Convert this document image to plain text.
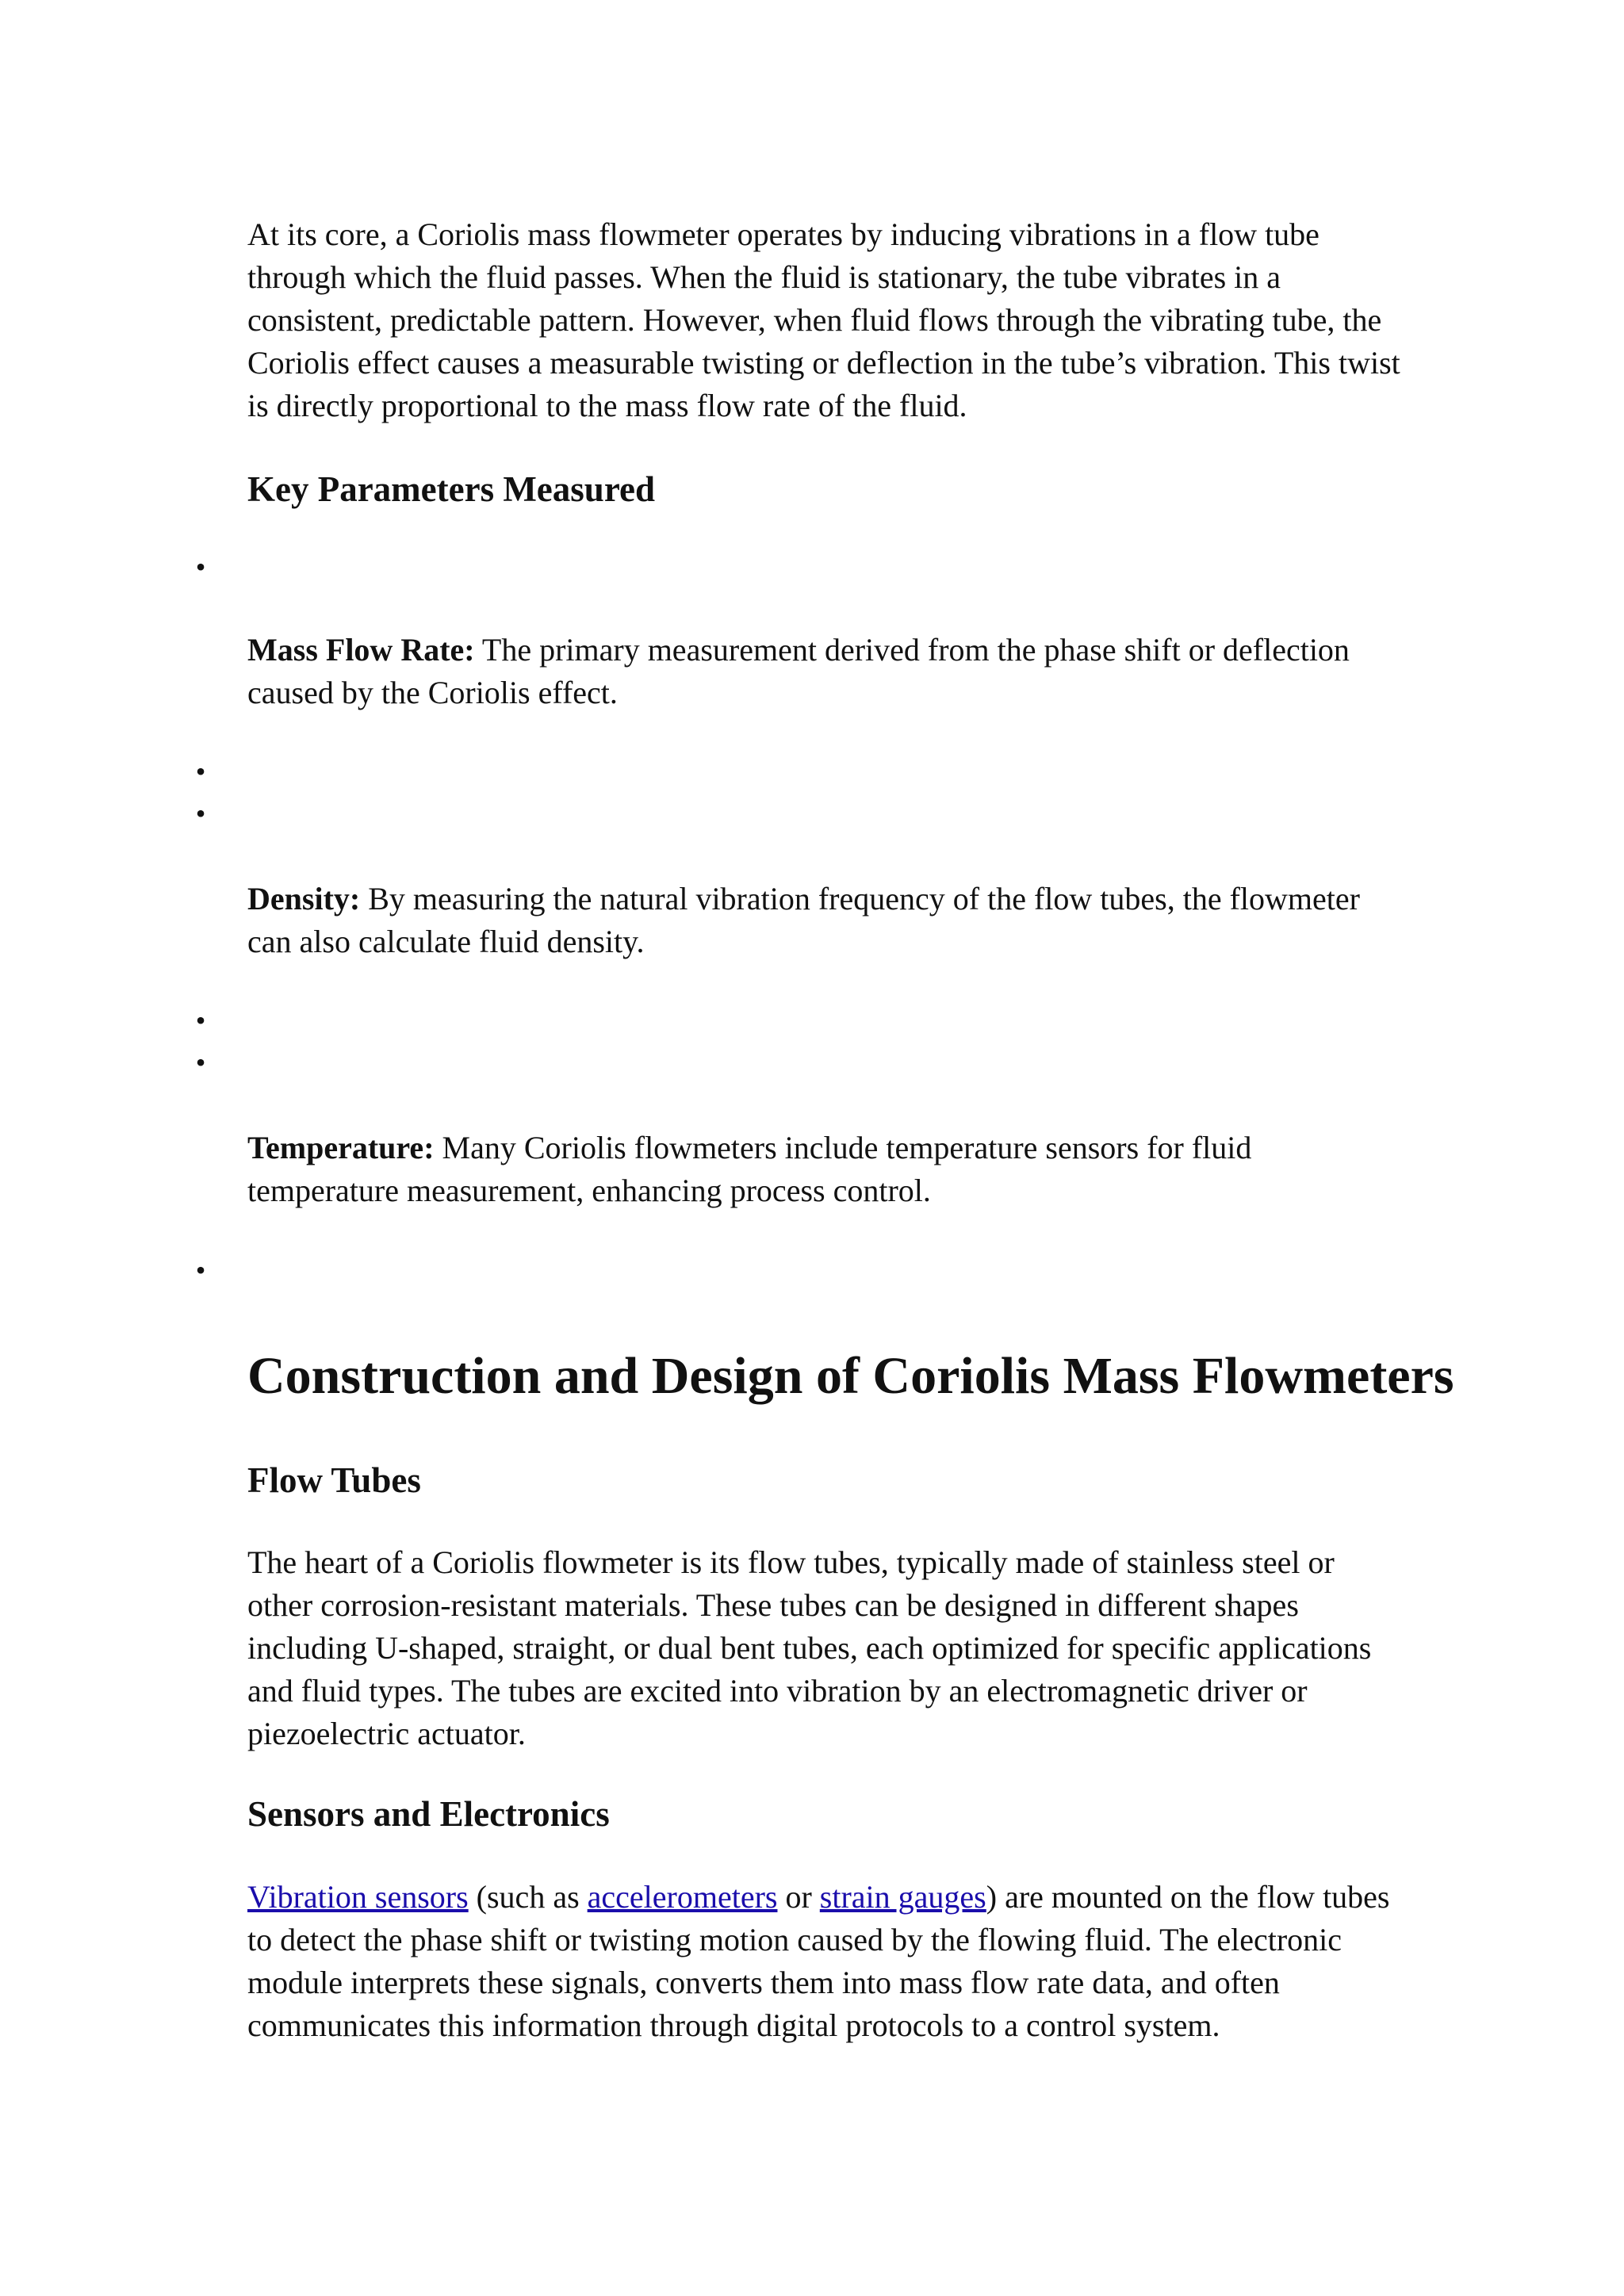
At its core, a Coriolis mass flowmeter operates by inducing vibrations in a flow tube through which the fluid passes. When the fluid is stationary, the tube vibrates in a consistent, predictable pattern. However, when fluid flows through the vibrating tube, the Coriolis effect causes a measurable twisting or deflection in the tube’s vibration. This twist is directly proportional to the mass flow rate of the fluid.

Key Parameters Measured
•
•
•
•
•
•

Mass Flow Rate: The primary measurement derived from the phase shift or deflection caused by the Coriolis effect.

Density: By measuring the natural vibration frequency of the flow tubes, the flowmeter can also calculate fluid density.

Temperature: Many Coriolis flowmeters include temperature sensors for fluid temperature measurement, enhancing process control.

Construction and Design of Coriolis Mass Flowmeters
Flow Tubes

The heart of a Coriolis flowmeter is its flow tubes, typically made of stainless steel or other corrosion-resistant materials. These tubes can be designed in different shapes including U-shaped, straight, or dual bent tubes, each optimized for specific applications and fluid types. The tubes are excited into vibration by an electromagnetic driver or piezoelectric actuator.

Sensors and Electronics

Vibration sensors (such as accelerometers or strain gauges) are mounted on the flow tubes to detect the phase shift or twisting motion caused by the flowing fluid. The electronic module interprets these signals, converts them into mass flow rate data, and often communicates this information through digital protocols to a control system.
